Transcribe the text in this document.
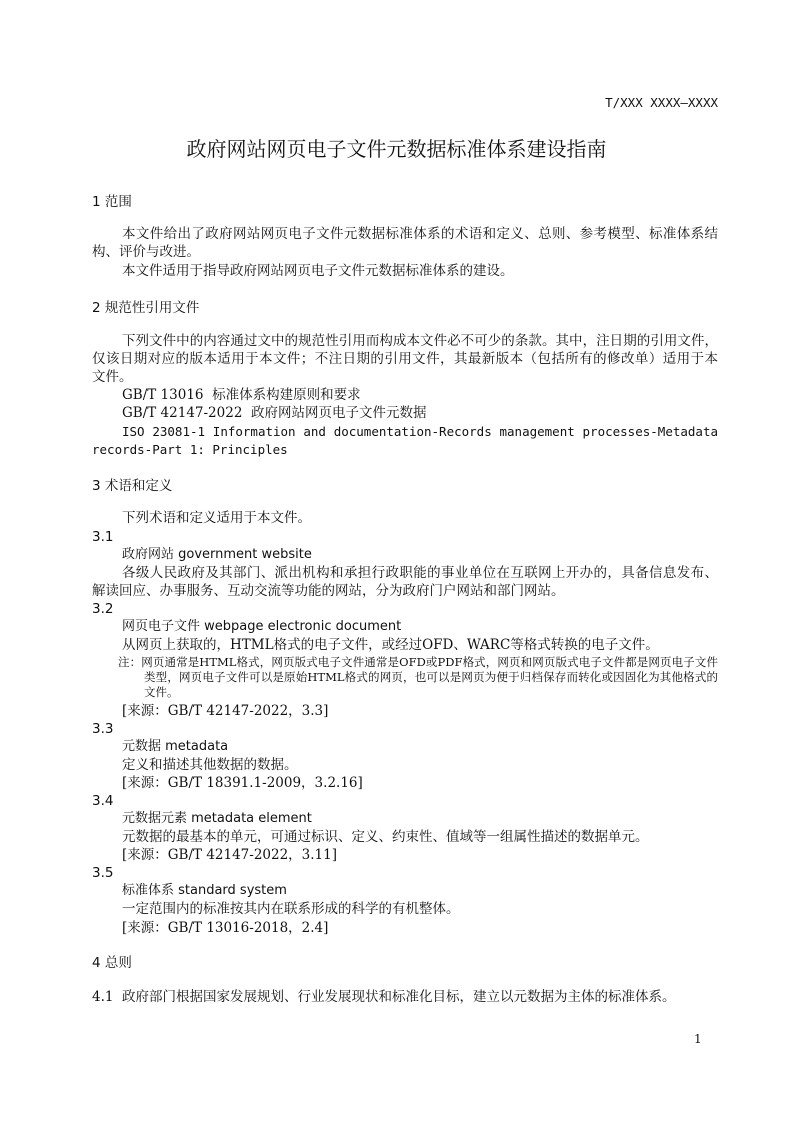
T/XXX XXXX—XXXX
政府网站网页电子文件元数据标准体系建设指南
1 范围
本文件给出了政府网站网页电子文件元数据标准体系的术语和定义、总则、参考模型、标准体系结
构、评价与改进。
本文件适用于指导政府网站网页电子文件元数据标准体系的建设。
2 规范性引用文件
下列文件中的内容通过文中的规范性引用而构成本文件必不可少的条款。其中，注日期的引用文件，
仅该日期对应的版本适用于本文件；不注日期的引用文件，其最新版本（包括所有的修改单）适用于本
文件。
GB/T 13016  标准体系构建原则和要求
GB/T 42147-2022  政府网站网页电子文件元数据
ISO 23081-1 Information and documentation-Records management processes-Metadata
records-Part 1: Principles
3 术语和定义
下列术语和定义适用于本文件。
3.1
政府网站 government website
各级人民政府及其部门、派出机构和承担行政职能的事业单位在互联网上开办的，具备信息发布、
解读回应、办事服务、互动交流等功能的网站，分为政府门户网站和部门网站。
3.2
网页电子文件 webpage electronic document
从网页上获取的，HTML格式的电子文件，或经过OFD、WARC等格式转换的电子文件。
注：网页通常是HTML格式，网页版式电子文件通常是OFD或PDF格式，网页和网页版式电子文件都是网页电子文件
类型，网页电子文件可以是原始HTML格式的网页，也可以是网页为便于归档保存而转化或因固化为其他格式的
文件。
[来源：GB/T 42147-2022，3.3]
3.3
元数据 metadata
定义和描述其他数据的数据。
[来源：GB/T 18391.1-2009，3.2.16]
3.4
元数据元素 metadata element
元数据的最基本的单元，可通过标识、定义、约束性、值域等一组属性描述的数据单元。
[来源：GB/T 42147-2022，3.11]
3.5
标准体系 standard system
一定范围内的标准按其内在联系形成的科学的有机整体。
[来源：GB/T 13016-2018，2.4]
4 总则
4.1  政府部门根据国家发展规划、行业发展现状和标准化目标，建立以元数据为主体的标准体系。
1
